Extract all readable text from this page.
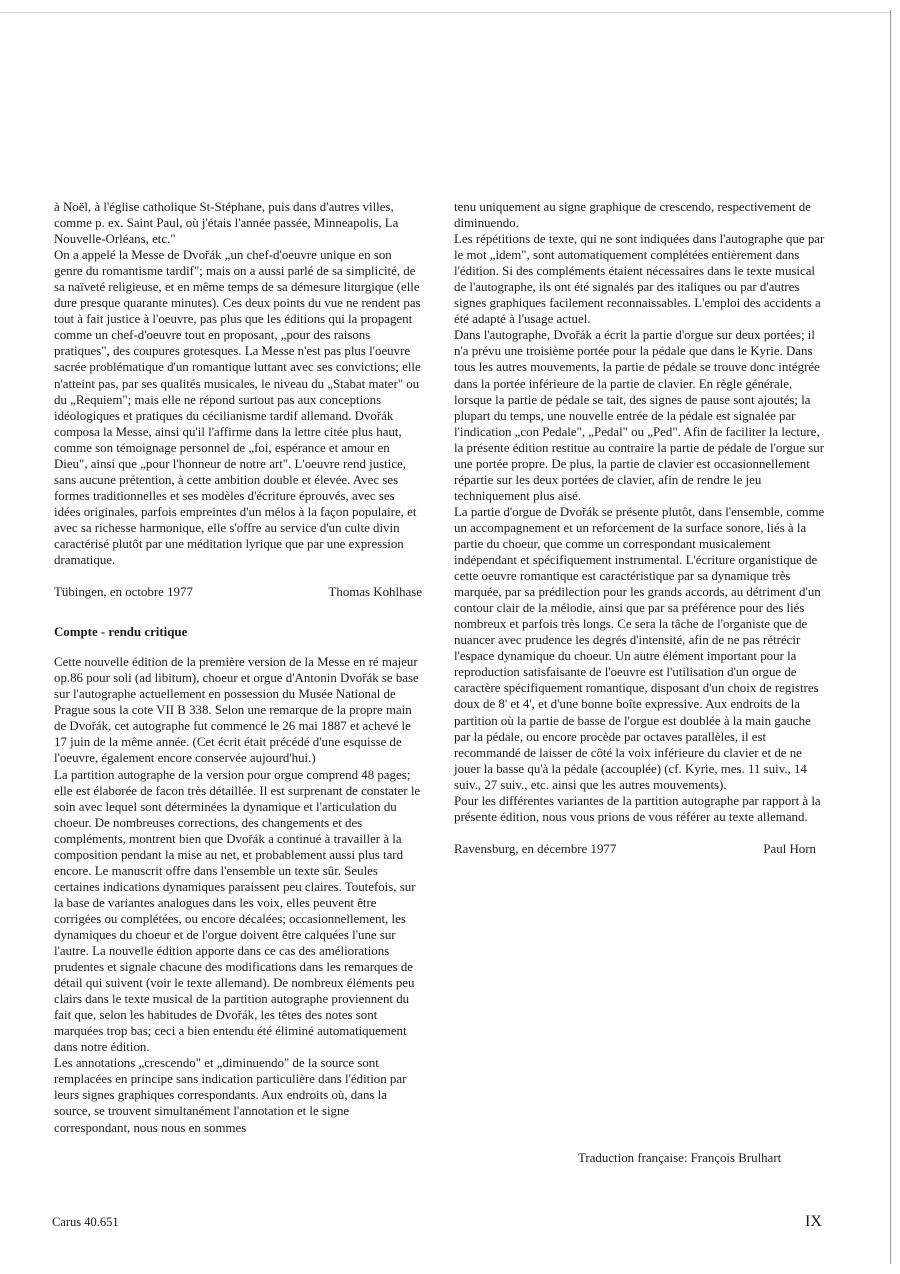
à Noël, à l'église catholique St-Stéphane, puis dans d'autres villes, comme p. ex. Saint Paul, où j'étais l'année passée, Minneapolis, La Nouvelle-Orléans, etc."

On a appelé la Messe de Dvořák „un chef-d'oeuvre unique en son genre du romantisme tardif"; mais on a aussi parlé de sa simplicité, de sa naïveté religieuse, et en même temps de sa démesure liturgique (elle dure presque quarante minutes). Ces deux points du vue ne rendent pas tout à fait justice à l'oeuvre, pas plus que les éditions qui la propagent comme un chef-d'oeuvre tout en proposant, „pour des raisons pratiques", des coupures grotesques. La Messe n'est pas plus l'oeuvre sacrée problématique d'un romantique luttant avec ses convictions; elle n'atteint pas, par ses qualités musicales, le niveau du „Stabat mater" ou du „Requiem"; mais elle ne répond surtout pas aux conceptions idéologiques et pratiques du cécilianisme tardif allemand. Dvořák composa la Messe, ainsi qu'il l'affirme dans la lettre citée plus haut, comme son témoignage personnel de „foi, espérance et amour en Dieu", ainsi que „pour l'honneur de notre art". L'oeuvre rend justice, sans aucune prétention, à cette ambition double et élevée. Avec ses formes traditionnelles et ses modèles d'écriture éprouvés, avec ses idées originales, parfois empreintes d'un mélos à la façon populaire, et avec sa richesse harmonique, elle s'offre au service d'un culte divin caractérisé plutôt par une méditation lyrique que par une expression dramatique.

Tübingen, en octobre 1977	Thomas Kohlhase

Compte - rendu critique

Cette nouvelle édition de la première version de la Messe en ré majeur op.86 pour soli (ad libitum), choeur et orgue d'Antonin Dvořák se base sur l'autographe actuellement en possession du Musée National de Prague sous la cote VII B 338. Selon une remarque de la propre main de Dvořák, cet autographe fut commencé le 26 mai 1887 et achevé le 17 juin de la même année. (Cet écrit était précédé d'une esquisse de l'oeuvre, également encore conservée aujourd'hui.)

La partition autographe de la version pour orgue comprend 48 pages; elle est élaborée de facon très détaillée. Il est surprenant de constater le soin avec lequel sont déterminées la dynamique et l'articulation du choeur. De nombreuses corrections, des changements et des compléments, montrent bien que Dvořák a continué à travailler à la composition pendant la mise au net, et probablement aussi plus tard encore. Le manuscrit offre dans l'ensemble un texte sûr. Seules certaines indications dynamiques paraissent peu claires. Toutefois, sur la base de variantes analogues dans les voix, elles peuvent être corrigées ou complétées, ou encore décalées; occasionnellement, les dynamiques du choeur et de l'orgue doivent être calquées l'une sur l'autre. La nouvelle édition apporte dans ce cas des améliorations prudentes et signale chacune des modifications dans les remarques de détail qui suivent (voir le texte allemand). De nombreux éléments peu clairs dans le texte musical de la partition autographe proviennent du fait que, selon les habitudes de Dvořák, les têtes des notes sont marquées trop bas; ceci a bien entendu été éliminé automatiquement dans notre édition.

Les annotations „crescendo" et „diminuendo" de la source sont remplacées en principe sans indication particulière dans l'édition par leurs signes graphiques correspondants. Aux endroits où, dans la source, se trouvent simultanément l'annotation et le signe correspondant, nous nous en sommes

tenu uniquement au signe graphique de crescendo, respectivement de diminuendo.

Les répétitions de texte, qui ne sont indiquées dans l'autographe que par le mot „idem", sont automatiquement complétées entièrement dans l'édition. Si des compléments étaient nécessaires dans le texte musical de l'autographe, ils ont été signalés par des italiques ou par d'autres signes graphiques facilement reconnaissables. L'emploi des accidents a été adapté à l'usage actuel.

Dans l'autographe, Dvořák a écrit la partie d'orgue sur deux portées; il n'a prévu une troisième portée pour la pédale que dans le Kyrie. Dans tous les autres mouvements, la partie de pédale se trouve donc intégrée dans la portée inférieure de la partie de clavier. En règle générale, lorsque la partie de pédale se tait, des signes de pause sont ajoutés; la plupart du temps, une nouvelle entrée de la pédale est signalée par l'indication „con Pedale", „Pedal" ou „Ped". Afin de faciliter la lecture, la présente édition restitue au contraire la partie de pédale de l'orgue sur une portée propre. De plus, la partie de clavier est occasionnellement répartie sur les deux portées de clavier, afin de rendre le jeu techniquement plus aisé.

La partie d'orgue de Dvořák se présente plutôt, dans l'ensemble, comme un accompagnement et un reforcement de la surface sonore, liés à la partie du choeur, que comme un correspondant musicalement indépendant et spécifiquement instrumental. L'écriture organistique de cette oeuvre romantique est caractéristique par sa dynamique très marquée, par sa prédilection pour les grands accords, au détriment d'un contour clair de la mélodie, ainsi que par sa préférence pour des liés nombreux et parfois très longs. Ce sera la tâche de l'organiste que de nuancer avec prudence les degrés d'intensité, afin de ne pas rétrécir l'espace dynamique du choeur. Un autre élément important pour la reproduction satisfaisante de l'oeuvre est l'utilisation d'un orgue de caractère spécifiquement romantique, disposant d'un choix de registres doux de 8' et 4', et d'une bonne boîte expressive. Aux endroits de la partition où la partie de basse de l'orgue est doublée à la main gauche par la pédale, ou encore procède par octaves parallèles, il est recommandé de laisser de côté la voix inférieure du clavier et de ne jouer la basse qu'à la pédale (accouplée) (cf. Kyrie, mes. 11 suiv., 14 suiv., 27 suiv., etc. ainsi que les autres mouvements).

Pour les différentes variantes de la partition autographe par rapport à la présente édition, nous vous prions de vous référer au texte allemand.

Ravensburg, en décembre 1977	Paul Horn
Traduction française: François Brulhart
Carus 40.651	IX
